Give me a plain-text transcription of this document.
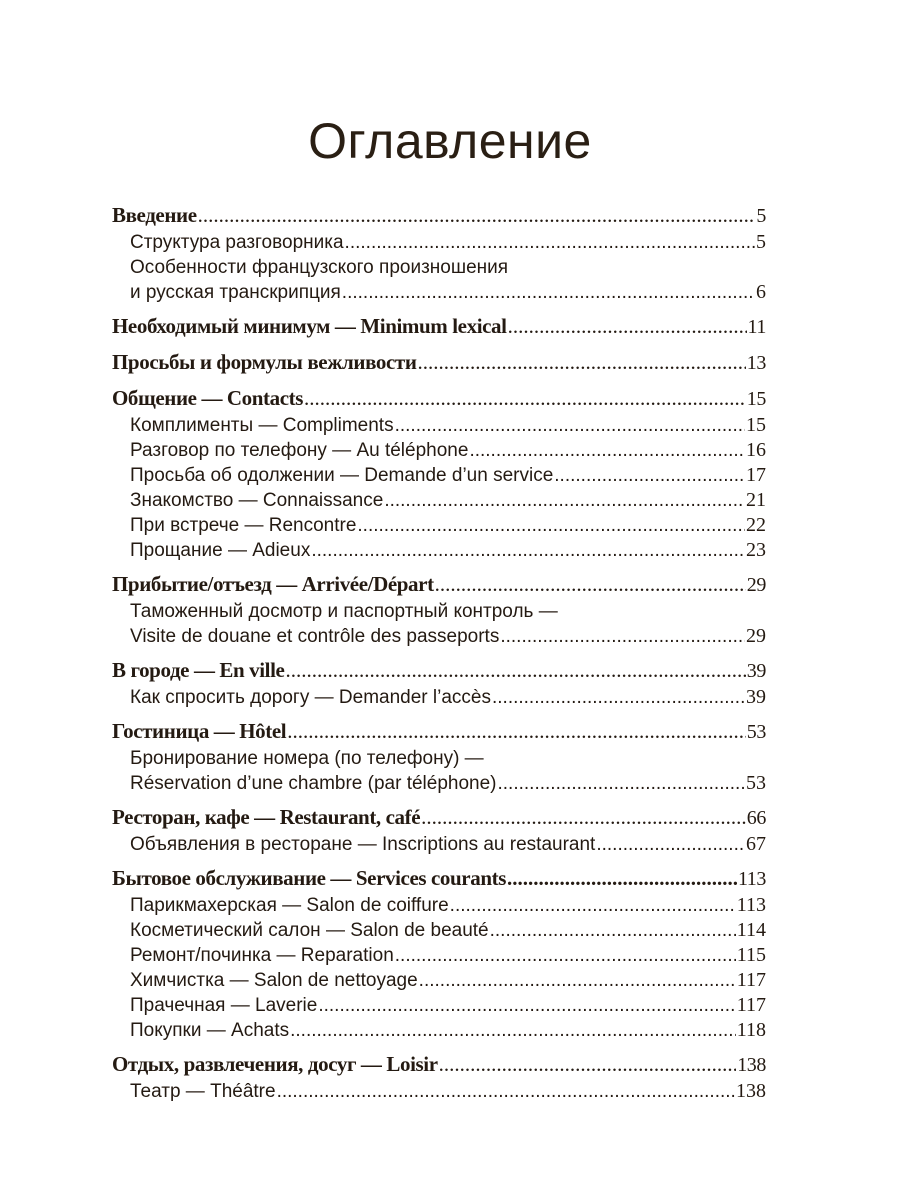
Оглавление
Введение .....	5
Структура разговорника .....	5
Особенности французского произношения
и русская транскрипция .....	6
Необходимый минимум — Minimum lexical .....	11
Просьбы и формулы вежливости .....	13
Общение — Contacts .....	15
Комплименты — Compliments .....	15
Разговор по телефону — Au téléphone .....	16
Просьба об одолжении — Demande d’un service .....	17
Знакомство — Connaissance .....	21
При встрече — Rencontre .....	22
Прощание — Adieux .....	23
Прибытие/отъезд — Arrivée/Départ .....	29
Таможенный досмотр и паспортный контроль —
Visite de douane et contrôle des passeports .....	29
В городе — En ville .....	39
Как спросить дорогу — Demander l’accès .....	39
Гостиница — Hôtel .....	53
Бронирование номера (по телефону) —
Réservation d’une chambre (par téléphone) .....	53
Ресторан, кафе — Restaurant, café .....	66
Объявления в ресторане — Inscriptions au restaurant .....	67
Бытовое обслуживание — Services courants .....	113
Парикмахерская — Salon de coiffure .....	113
Косметический салон — Salon de beauté .....	114
Ремонт/починка — Reparation .....	115
Химчистка — Salon de nettoyage .....	117
Прачечная — Laverie .....	117
Покупки — Achats .....	118
Отдых, развлечения, досуг — Loisir .....	138
Театр — Théâtre .....	138
